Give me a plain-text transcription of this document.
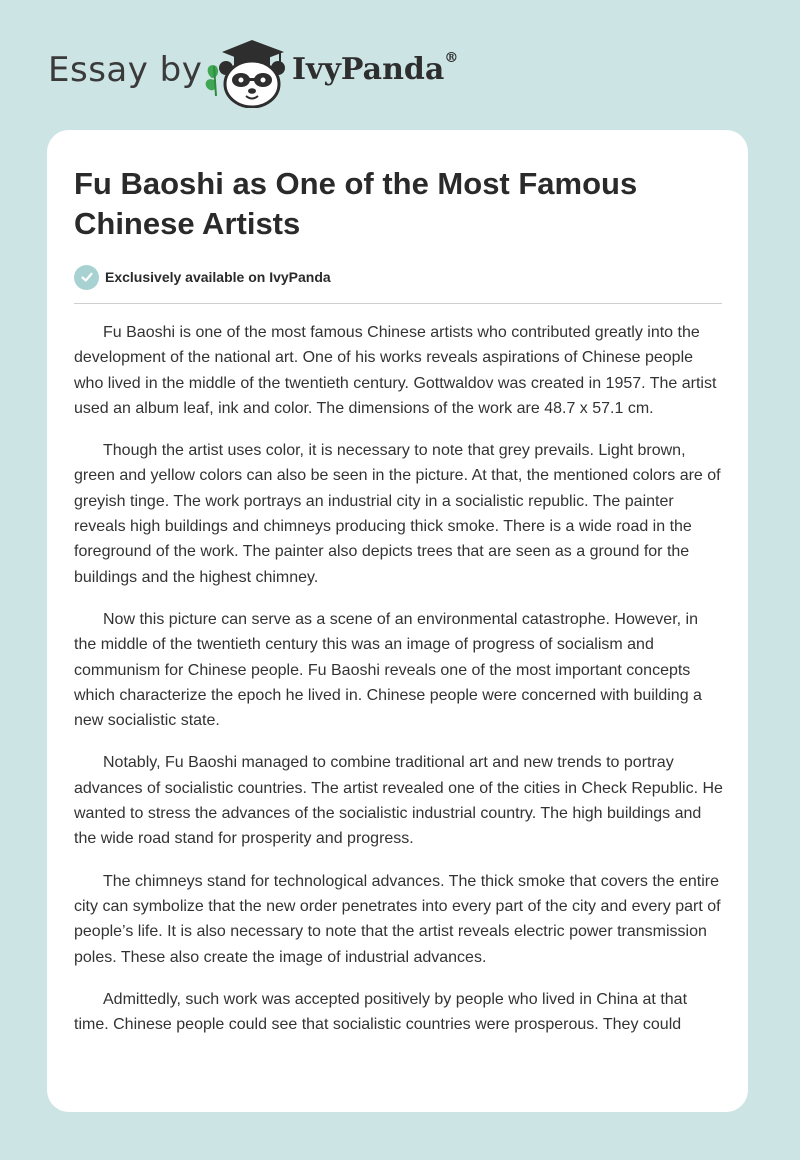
Essay by	IvyPanda®
Fu Baoshi as One of the Most Famous Chinese Artists
Exclusively available on IvyPanda

Fu Baoshi is one of the most famous Chinese artists who contributed greatly into the development of the national art. One of his works reveals aspirations of Chinese people who lived in the middle of the twentieth century. Gottwaldov was created in 1957. The artist used an album leaf, ink and color. The dimensions of the work are 48.7 x 57.1 cm.

Though the artist uses color, it is necessary to note that grey prevails. Light brown, green and yellow colors can also be seen in the picture. At that, the mentioned colors are of greyish tinge. The work portrays an industrial city in a socialistic republic. The painter reveals high buildings and chimneys producing thick smoke. There is a wide road in the foreground of the work. The painter also depicts trees that are seen as a ground for the buildings and the highest chimney.

Now this picture can serve as a scene of an environmental catastrophe. However, in the middle of the twentieth century this was an image of progress of socialism and communism for Chinese people. Fu Baoshi reveals one of the most important concepts which characterize the epoch he lived in. Chinese people were concerned with building a new socialistic state.

Notably, Fu Baoshi managed to combine traditional art and new trends to portray advances of socialistic countries. The artist revealed one of the cities in Check Republic. He wanted to stress the advances of the socialistic industrial country. The high buildings and the wide road stand for prosperity and progress.

The chimneys stand for technological advances. The thick smoke that covers the entire city can symbolize that the new order penetrates into every part of the city and every part of people’s life. It is also necessary to note that the artist reveals electric power transmission poles. These also create the image of industrial advances.

Admittedly, such work was accepted positively by people who lived in China at that time. Chinese people could see that socialistic countries were prosperous. They could
